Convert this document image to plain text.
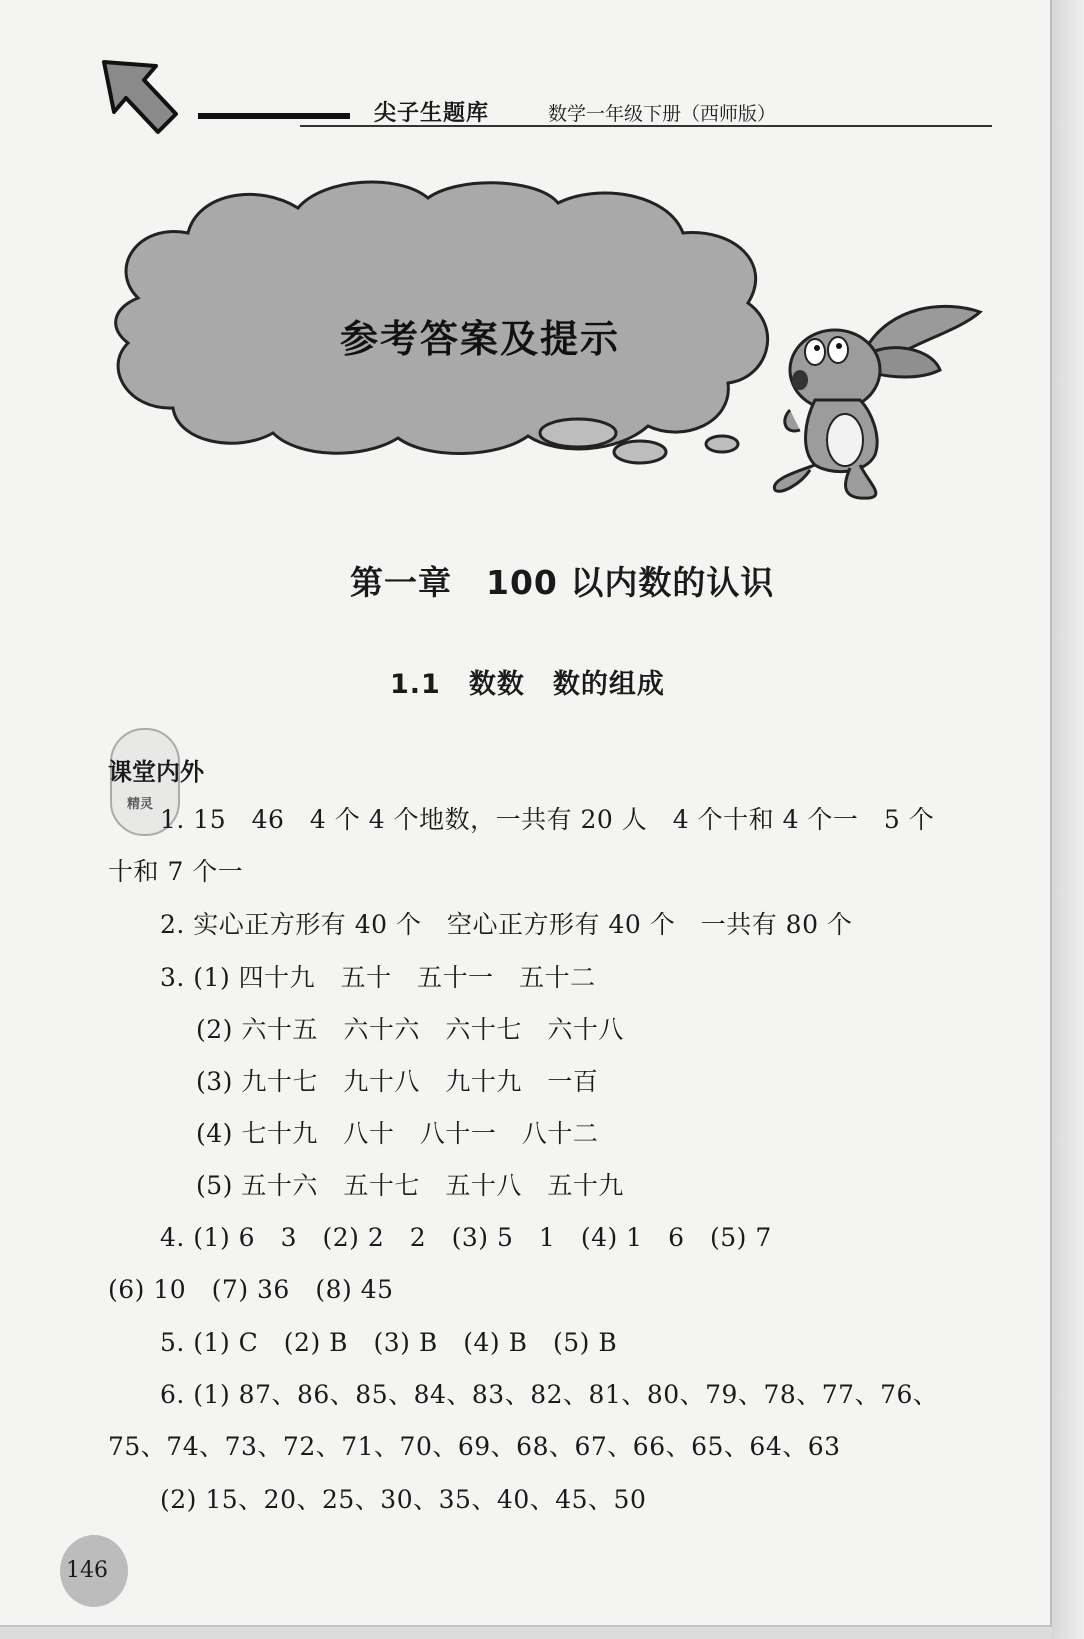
尖子生题库	数学一年级下册（西师版）
参考答案及提示
第一章　100 以内数的认识
1.1　数数　数的组成
精灵
课堂内外
1. 15　46　4 个 4 个地数，一共有 20 人　4 个十和 4 个一　5 个
十和 7 个一
2. 实心正方形有 40 个　空心正方形有 40 个　一共有 80 个
3. (1) 四十九　五十　五十一　五十二
(2) 六十五　六十六　六十七　六十八
(3) 九十七　九十八　九十九　一百
(4) 七十九　八十　八十一　八十二
(5) 五十六　五十七　五十八　五十九
4. (1) 6　3　(2) 2　2　(3) 5　1　(4) 1　6　(5) 7
(6) 10　(7) 36　(8) 45
5. (1) C　(2) B　(3) B　(4) B　(5) B
6. (1) 87、86、85、84、83、82、81、80、79、78、77、76、
75、74、73、72、71、70、69、68、67、66、65、64、63
(2) 15、20、25、30、35、40、45、50
146
